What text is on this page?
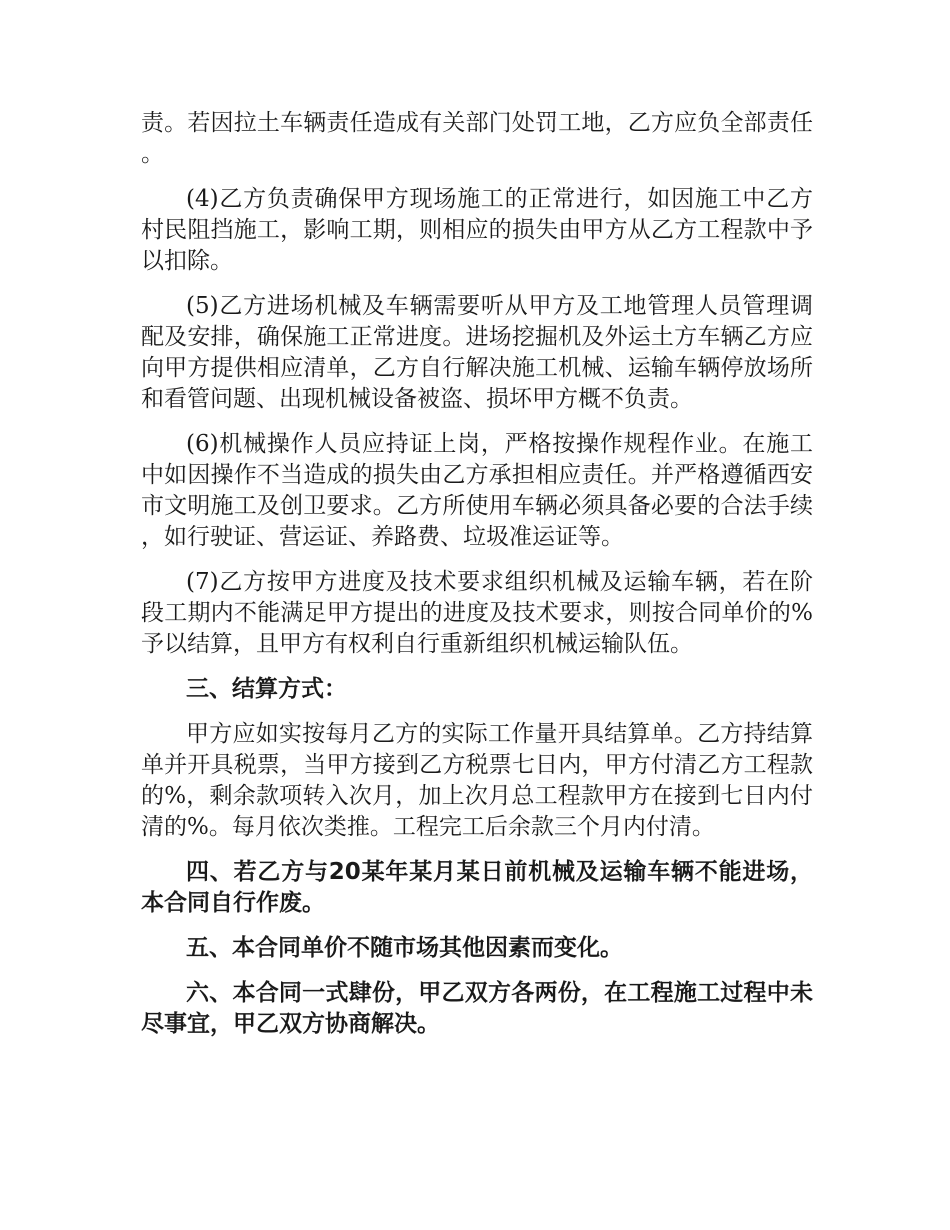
责。若因拉土车辆责任造成有关部门处罚工地，乙方应负全部责任。

(4)乙方负责确保甲方现场施工的正常进行，如因施工中乙方村民阻挡施工，影响工期，则相应的损失由甲方从乙方工程款中予以扣除。

(5)乙方进场机械及车辆需要听从甲方及工地管理人员管理调配及安排，确保施工正常进度。进场挖掘机及外运土方车辆乙方应向甲方提供相应清单，乙方自行解决施工机械、运输车辆停放场所和看管问题、出现机械设备被盗、损坏甲方概不负责。

(6)机械操作人员应持证上岗，严格按操作规程作业。在施工中如因操作不当造成的损失由乙方承担相应责任。并严格遵循西安市文明施工及创卫要求。乙方所使用车辆必须具备必要的合法手续，如行驶证、营运证、养路费、垃圾准运证等。

(7)乙方按甲方进度及技术要求组织机械及运输车辆，若在阶段工期内不能满足甲方提出的进度及技术要求，则按合同单价的%予以结算，且甲方有权利自行重新组织机械运输队伍。

三、结算方式：

甲方应如实按每月乙方的实际工作量开具结算单。乙方持结算单并开具税票，当甲方接到乙方税票七日内，甲方付清乙方工程款的%，剩余款项转入次月，加上次月总工程款甲方在接到七日内付清的%。每月依次类推。工程完工后余款三个月内付清。

四、若乙方与20某年某月某日前机械及运输车辆不能进场，本合同自行作废。

五、本合同单价不随市场其他因素而变化。

六、本合同一式肆份，甲乙双方各两份，在工程施工过程中未尽事宜，甲乙双方协商解决。
